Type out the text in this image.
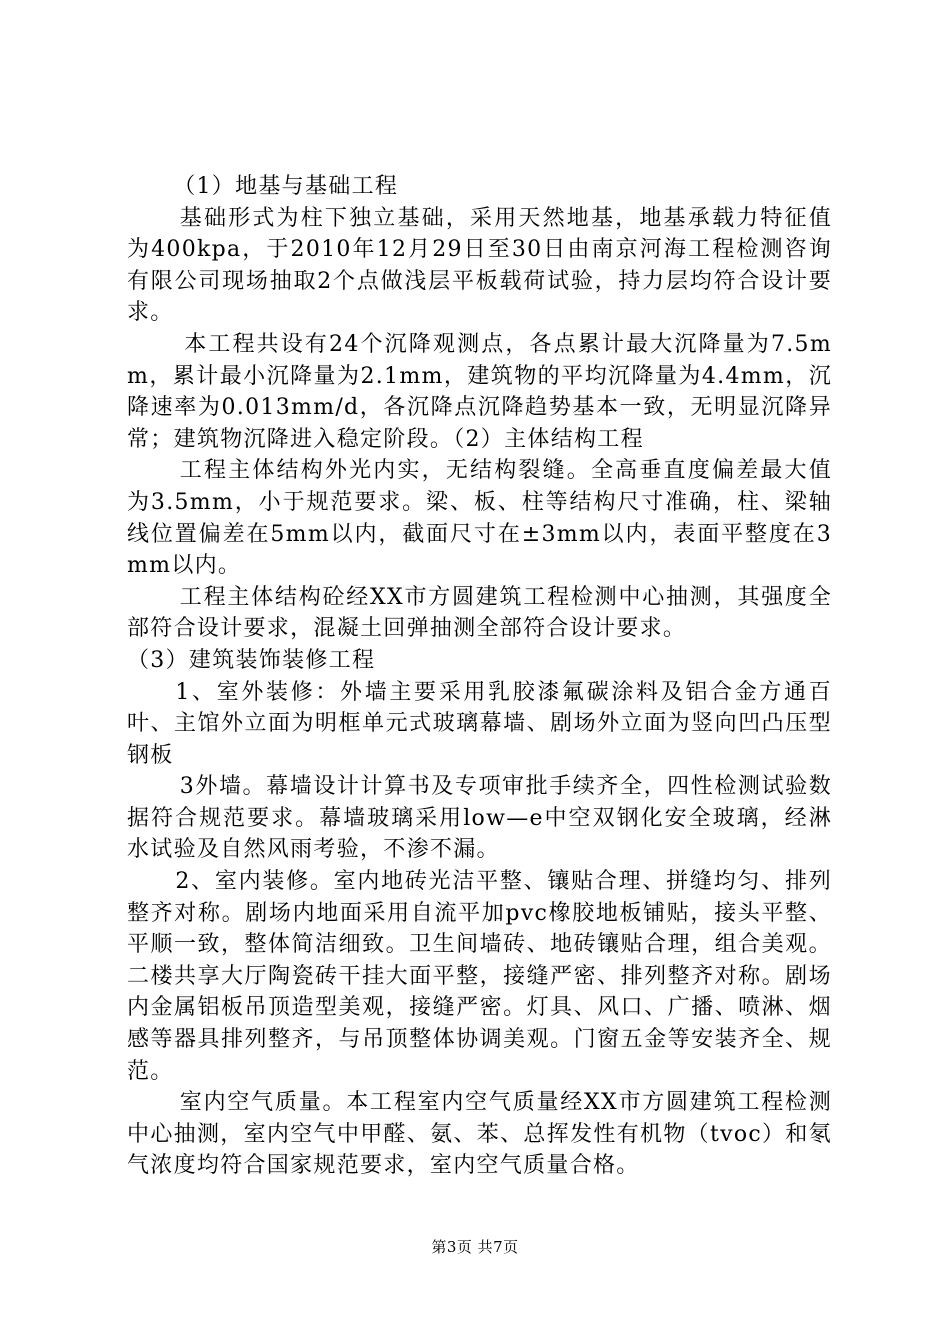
（1）地基与基础工程

基础形式为柱下独立基础，采用天然地基，地基承载力特征值为400kpa，于2010年12月29日至30日由南京河海工程检测咨询有限公司现场抽取2个点做浅层平板载荷试验，持力层均符合设计要求。

本工程共设有24个沉降观测点，各点累计最大沉降量为7.5mm，累计最小沉降量为2.1mm，建筑物的平均沉降量为4.4mm，沉降速率为0.013mm/d，各沉降点沉降趋势基本一致，无明显沉降异常；建筑物沉降进入稳定阶段。（2）主体结构工程

工程主体结构外光内实，无结构裂缝。全高垂直度偏差最大值为3.5mm，小于规范要求。梁、板、柱等结构尺寸准确，柱、梁轴线位置偏差在5mm以内，截面尺寸在±3mm以内，表面平整度在3mm以内。

工程主体结构砼经XX市方圆建筑工程检测中心抽测，其强度全部符合设计要求，混凝土回弹抽测全部符合设计要求。

（3）建筑装饰装修工程

1、室外装修：外墙主要采用乳胶漆氟碳涂料及铝合金方通百叶、主馆外立面为明框单元式玻璃幕墙、剧场外立面为竖向凹凸压型钢板

3外墙。幕墙设计计算书及专项审批手续齐全，四性检测试验数据符合规范要求。幕墙玻璃采用low—e中空双钢化安全玻璃，经淋水试验及自然风雨考验，不渗不漏。

2、室内装修。室内地砖光洁平整、镶贴合理、拼缝均匀、排列整齐对称。剧场内地面采用自流平加pvc橡胶地板铺贴，接头平整、平顺一致，整体简洁细致。卫生间墙砖、地砖镶贴合理，组合美观。二楼共享大厅陶瓷砖干挂大面平整，接缝严密、排列整齐对称。剧场内金属铝板吊顶造型美观，接缝严密。灯具、风口、广播、喷淋、烟感等器具排列整齐，与吊顶整体协调美观。门窗五金等安装齐全、规范。

室内空气质量。本工程室内空气质量经XX市方圆建筑工程检测中心抽测，室内空气中甲醛、氨、苯、总挥发性有机物（tvoc）和氡气浓度均符合国家规范要求，室内空气质量合格。

第3页 共7页
